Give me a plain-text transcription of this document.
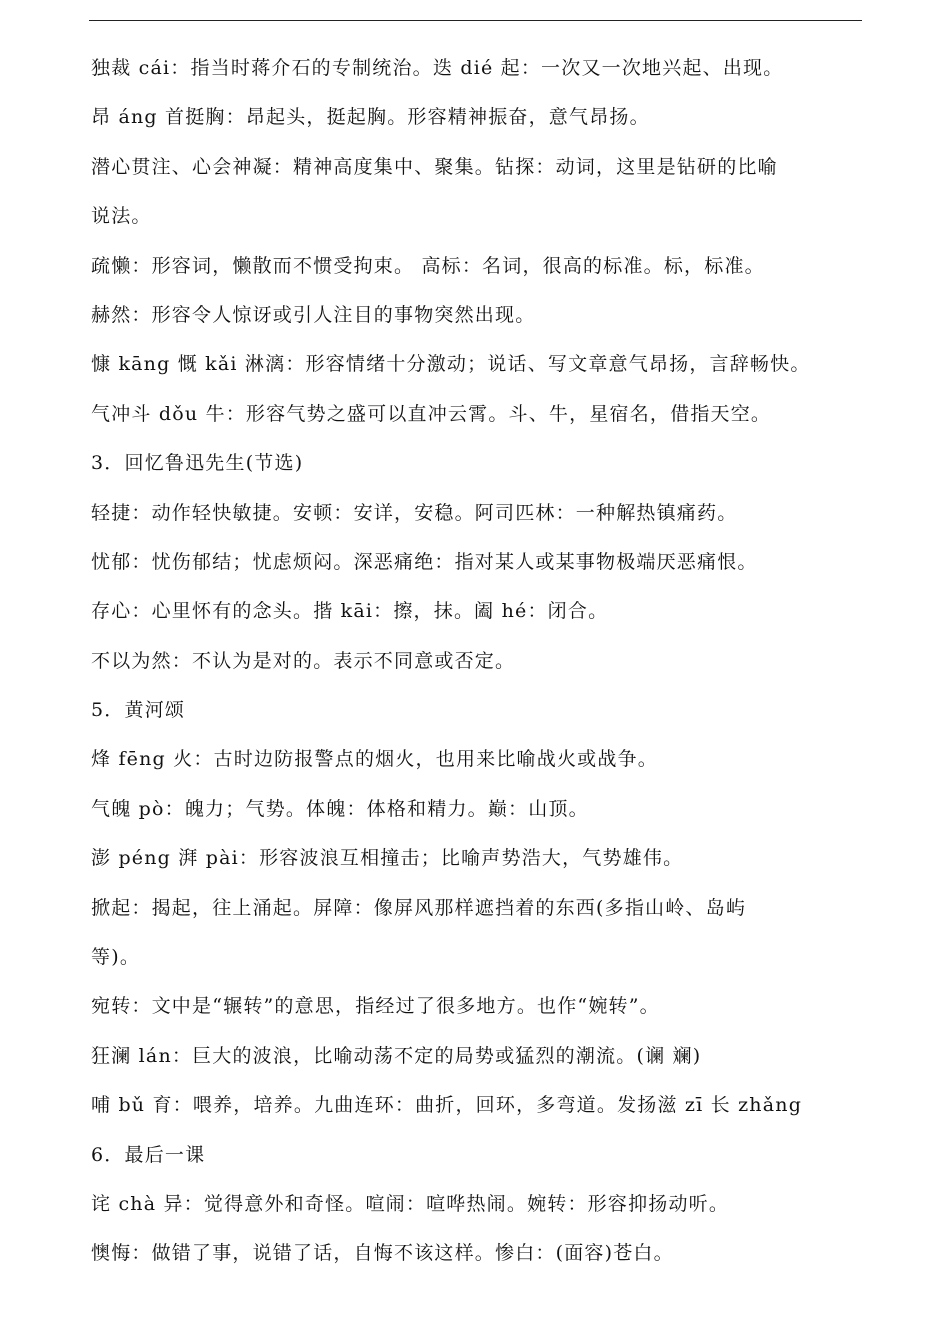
独裁 cái：指当时蒋介石的专制统治。迭 dié 起：一次又一次地兴起、出现。
昂 áng 首挺胸：昂起头，挺起胸。形容精神振奋，意气昂扬。
潜心贯注、心会神凝：精神高度集中、聚集。钻探：动词，这里是钻研的比喻
说法。
疏懒：形容词，懒散而不惯受拘束。 高标：名词，很高的标准。标，标准。
赫然：形容令人惊讶或引人注目的事物突然出现。
慷 kāng 慨 kǎi 淋漓：形容情绪十分激动；说话、写文章意气昂扬，言辞畅快。
气冲斗 dǒu 牛：形容气势之盛可以直冲云霄。斗、牛，星宿名，借指天空。
3．回忆鲁迅先生(节选)
轻捷：动作轻快敏捷。安顿：安详，安稳。阿司匹林：一种解热镇痛药。
忧郁：忧伤郁结；忧虑烦闷。深恶痛绝：指对某人或某事物极端厌恶痛恨。
存心：心里怀有的念头。揩 kāi：擦，抹。阖 hé：闭合。
不以为然：不认为是对的。表示不同意或否定。
5．黄河颂
烽 fēng 火：古时边防报警点的烟火，也用来比喻战火或战争。
气魄 pò：魄力；气势。体魄：体格和精力。巅：山顶。
澎 péng 湃 pài：形容波浪互相撞击；比喻声势浩大，气势雄伟。
掀起：揭起，往上涌起。屏障：像屏风那样遮挡着的东西(多指山岭、岛屿
等)。
宛转：文中是“辗转”的意思，指经过了很多地方。也作“婉转”。
狂澜 lán：巨大的波浪，比喻动荡不定的局势或猛烈的潮流。(谰 斓)
哺 bǔ 育：喂养，培养。九曲连环：曲折，回环，多弯道。发扬滋 zī 长 zhǎng
6．最后一课
诧 chà 异：觉得意外和奇怪。喧闹：喧哗热闹。婉转：形容抑扬动听。
懊悔：做错了事，说错了话，自悔不该这样。惨白：(面容)苍白。
